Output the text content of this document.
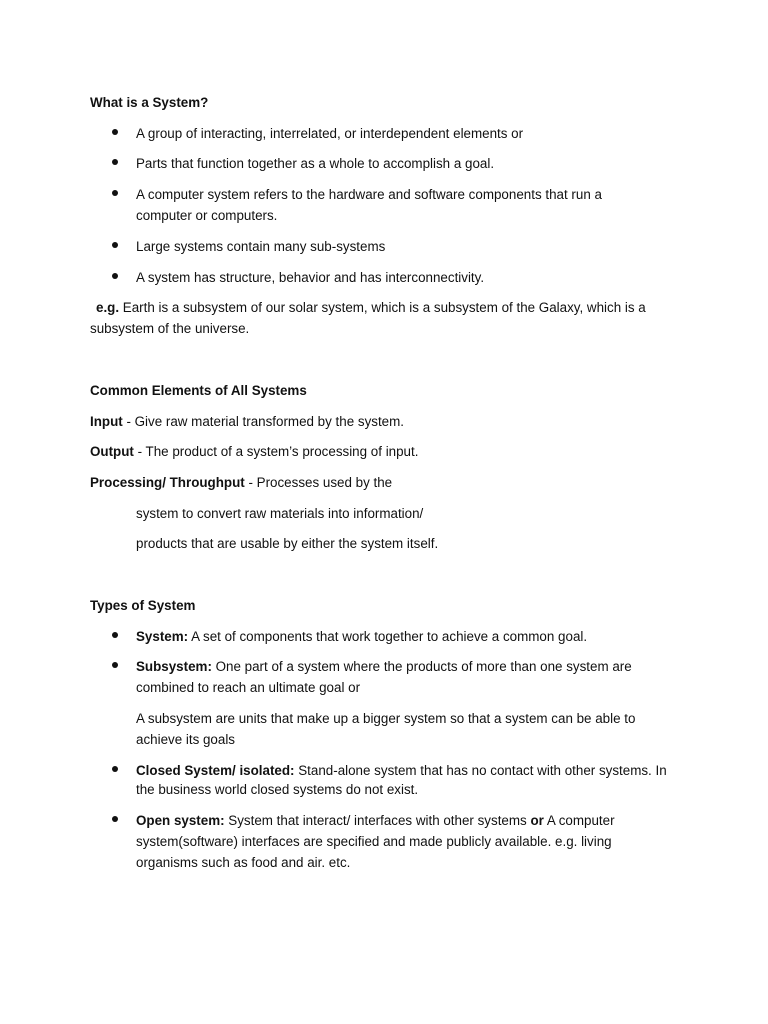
What is a System?
A group of interacting, interrelated, or interdependent elements or
Parts that function together as a whole to accomplish a goal.
A computer system refers to the hardware and software components that run a
computer or computers.
Large systems contain many sub-systems
A system has structure, behavior and has interconnectivity.
e.g. Earth is a subsystem of our solar system, which is a subsystem of the Galaxy, which is a
subsystem of the universe.
Common Elements of All Systems
Input - Give raw material transformed by the system.
Output - The product of a system’s processing of input.
Processing/ Throughput - Processes used by the
system to convert raw materials into information/
products that are usable by either the system itself.
Types of System
System: A set of components that work together to achieve a common goal.
Subsystem: One part of a system where the products of more than one system are
combined to reach an ultimate goal or
A subsystem are units that make up a bigger system so that a system can be able to
achieve its goals
Closed System/ isolated: Stand-alone system that has no contact with other systems. In
the business world closed systems do not exist.
Open system: System that interact/ interfaces with other systems or A computer
system(software) interfaces are specified and made publicly available. e.g. living
organisms such as food and air. etc.
